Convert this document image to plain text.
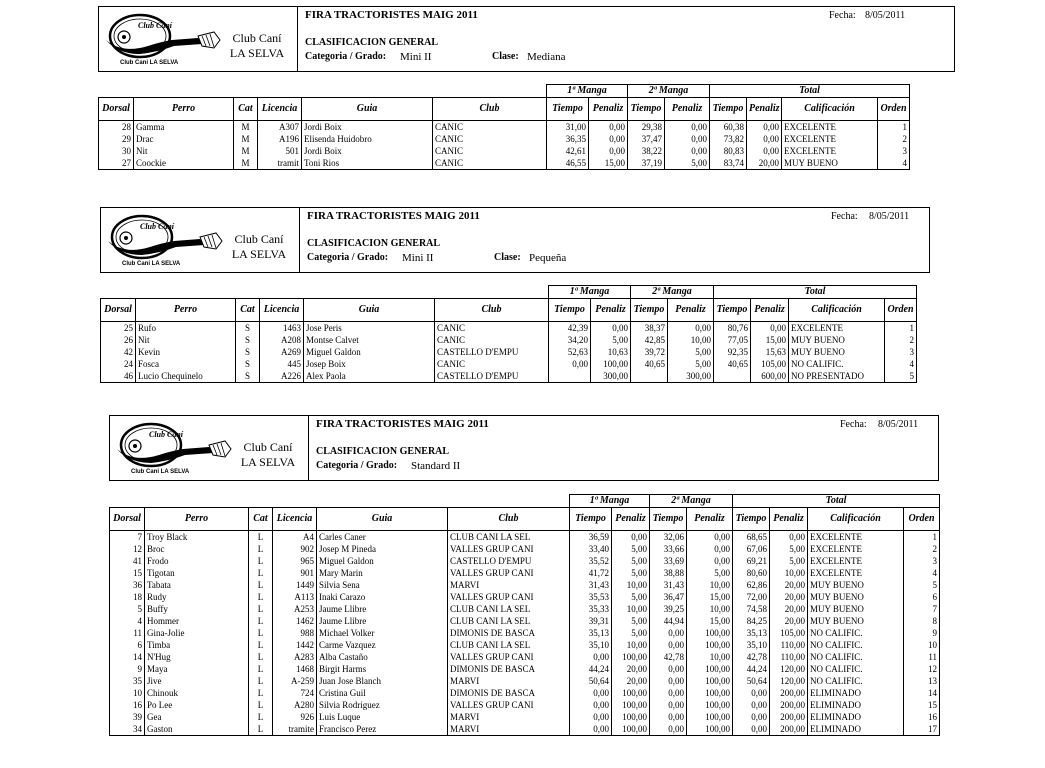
Club Caní
Club Cani LA SELVA
Club Caní
LA SELVA
FIRA TRACTORISTES MAIG 2011	Fecha: 8/05/2011
CLASIFICACION GENERAL
Categoria / Grado: Mini II	Clase: Mediana
						1ª Manga		2ª Manga		Total			
Dorsal	Perro	Cat	Licencia	Guia	Club	Tiempo	Penaliz	Tiempo	Penaliz	Tiempo	Penaliz	Calificación	Orden
28	Gamma	M	A307	Jordi Boix	CANIC	31,00	0,00	29,38	0,00	60,38	0,00	EXCELENTE	1
29	Drac	M	A196	Elisenda Huidobro	CANIC	36,35	0,00	37,47	0,00	73,82	0,00	EXCELENTE	2
30	Nit	M	501	Jordi Boix	CANIC	42,61	0,00	38,22	0,00	80,83	0,00	EXCELENTE	3
27	Coockie	M	tramit	Toni Rios	CANIC	46,55	15,00	37,19	5,00	83,74	20,00	MUY BUENO	4
Club Caní
Club Cani LA SELVA
Club Caní
LA SELVA
FIRA TRACTORISTES MAIG 2011	Fecha: 8/05/2011
CLASIFICACION GENERAL
Categoria / Grado: Mini II	Clase: Pequeña
						1ª Manga		2ª Manga		Total			
Dorsal	Perro	Cat	Licencia	Guia	Club	Tiempo	Penaliz	Tiempo	Penaliz	Tiempo	Penaliz	Calificación	Orden
25	Rufo	S	1463	Jose Peris	CANIC	42,39	0,00	38,37	0,00	80,76	0,00	EXCELENTE	1
26	Nit	S	A208	Montse Calvet	CANIC	34,20	5,00	42,85	10,00	77,05	15,00	MUY BUENO	2
42	Kevin	S	A269	Miguel Galdon	CASTELLO D'EMPU	52,63	10,63	39,72	5,00	92,35	15,63	MUY BUENO	3
24	Fosca	S	445	Josep Boix	CANIC	0,00	100,00	40,65	5,00	40,65	105,00	NO CALIFIC.	4
46	Lucio Chequinelo	S	A226	Alex Paola	CASTELLO D'EMPU		300,00		300,00		600,00	NO PRESENTADO	5
Club Caní
Club Cani LA SELVA
Club Caní
LA SELVA
FIRA TRACTORISTES MAIG 2011	Fecha: 8/05/2011
CLASIFICACION GENERAL
Categoria / Grado: Standard II
						1ª Manga		2ª Manga		Total			
Dorsal	Perro	Cat	Licencia	Guia	Club	Tiempo	Penaliz	Tiempo	Penaliz	Tiempo	Penaliz	Calificación	Orden
7	Troy Black	L	A4	Carles Caner	CLUB CANI LA SEL	36,59	0,00	32,06	0,00	68,65	0,00	EXCELENTE	1
12	Broc	L	902	Josep M Pineda	VALLES GRUP CANI	33,40	5,00	33,66	0,00	67,06	5,00	EXCELENTE	2
41	Frodo	L	965	Miguel Galdon	CASTELLO D'EMPU	35,52	5,00	33,69	0,00	69,21	5,00	EXCELENTE	3
15	Tigotan	L	901	Mary Marin	VALLES GRUP CANI	41,72	5,00	38,88	5,00	80,60	10,00	EXCELENTE	4
36	Tabata	L	1449	Silvia Sena	MARVI	31,43	10,00	31,43	10,00	62,86	20,00	MUY BUENO	5
18	Rudy	L	A113	Inaki Carazo	VALLES GRUP CANI	35,53	5,00	36,47	15,00	72,00	20,00	MUY BUENO	6
5	Buffy	L	A253	Jaume Llibre	CLUB CANI LA SEL	35,33	10,00	39,25	10,00	74,58	20,00	MUY BUENO	7
4	Hommer	L	1462	Jaume Llibre	CLUB CANI LA SEL	39,31	5,00	44,94	15,00	84,25	20,00	MUY BUENO	8
11	Gina-Jolie	L	988	Michael Volker	DIMONIS DE BASCA	35,13	5,00	0,00	100,00	35,13	105,00	NO CALIFIC.	9
6	Timba	L	1442	Carme Vazquez	CLUB CANI LA SEL	35,10	10,00	0,00	100,00	35,10	110,00	NO CALIFIC.	10
14	N'Hug	L	A283	Alba Castaño	VALLES GRUP CANI	0,00	100,00	42,78	10,00	42,78	110,00	NO CALIFIC.	11
9	Maya	L	1468	Birgit Harms	DIMONIS DE BASCA	44,24	20,00	0,00	100,00	44,24	120,00	NO CALIFIC.	12
35	Jive	L	A-259	Juan Jose Blanch	MARVI	50,64	20,00	0,00	100,00	50,64	120,00	NO CALIFIC.	13
10	Chinouk	L	724	Cristina Guil	DIMONIS DE BASCA	0,00	100,00	0,00	100,00	0,00	200,00	ELIMINADO	14
16	Po Lee	L	A280	Silvia Rodriguez	VALLES GRUP CANI	0,00	100,00	0,00	100,00	0,00	200,00	ELIMINADO	15
39	Gea	L	926	Luis Luque	MARVI	0,00	100,00	0,00	100,00	0,00	200,00	ELIMINADO	16
34	Gaston	L	tramite	Francisco Perez	MARVI	0,00	100,00	0,00	100,00	0,00	200,00	ELIMINADO	17
